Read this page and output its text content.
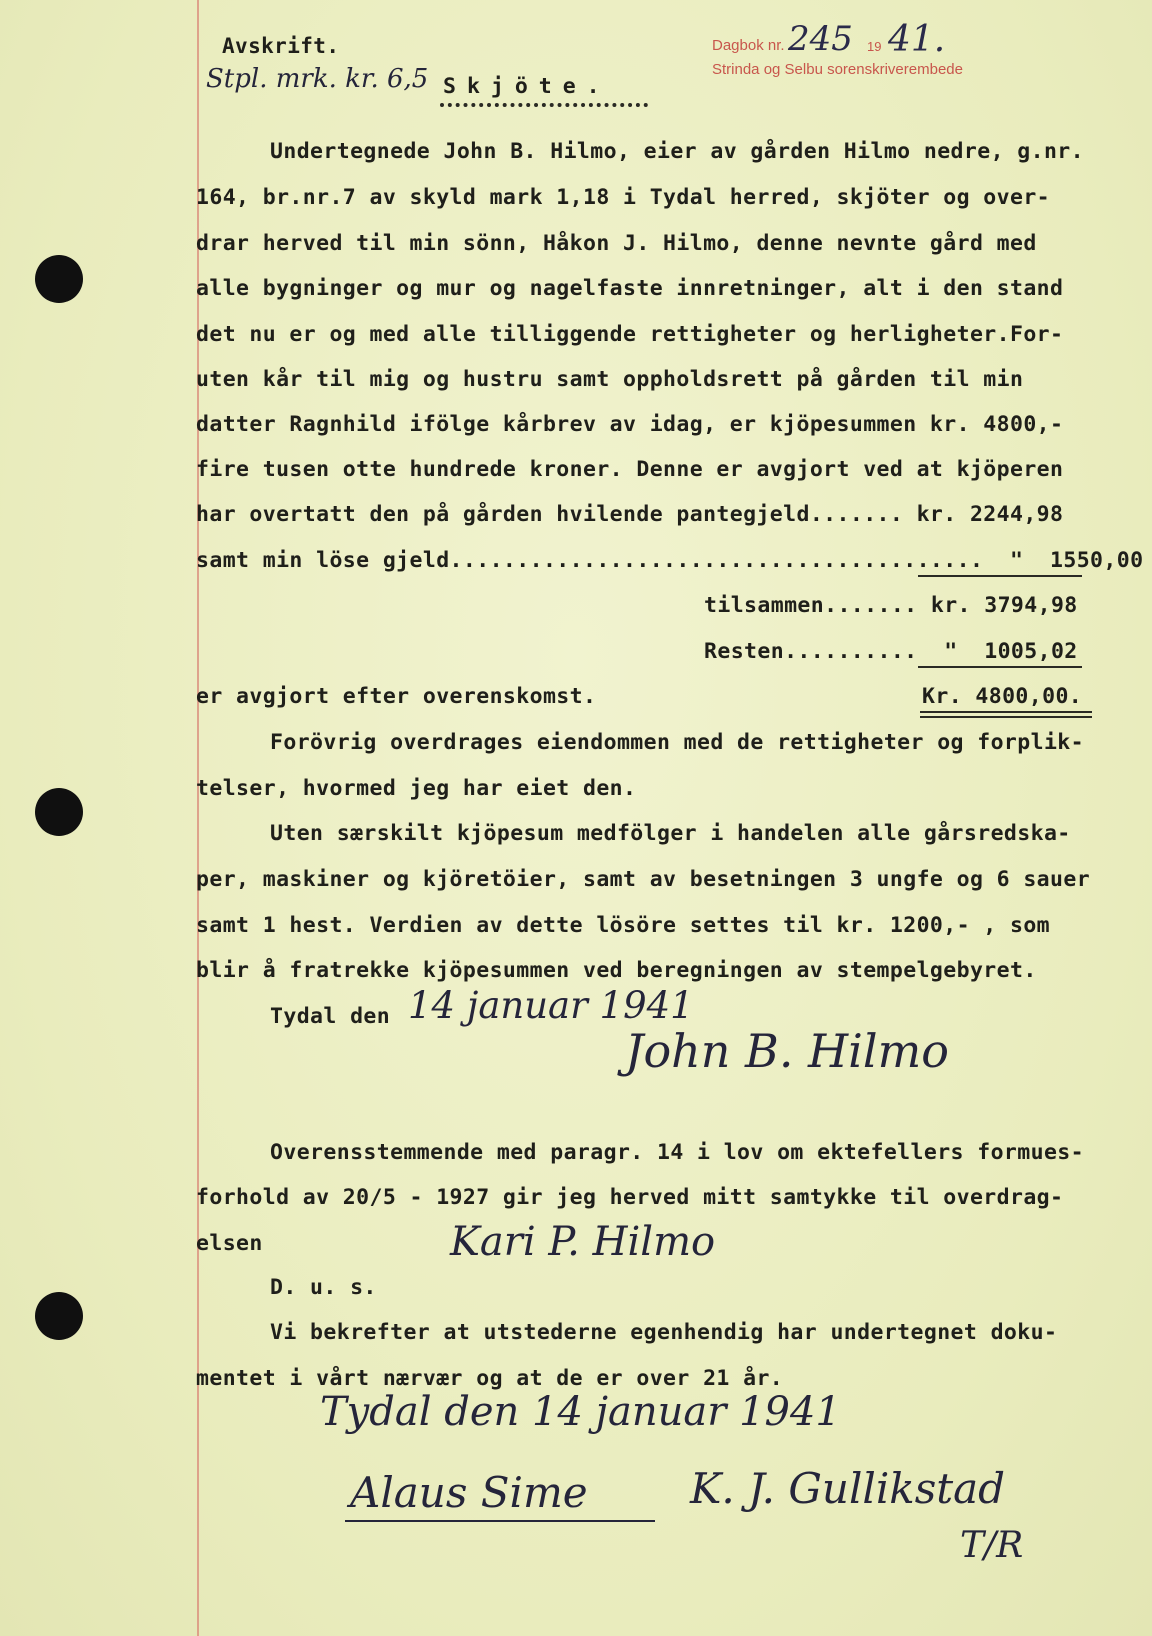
Avskrift.
Stpl. mrk. kr. 6,5 Skjöte.
Dagbok nr. 245 19 41.
Strinda og Selbu sorenskriverembede
Undertegnede John B. Hilmo, eier av gården Hilmo nedre, g.nr.
164, br.nr.7 av skyld mark 1,18 i Tydal herred, skjöter og over-
drar herved til min sönn, Håkon J. Hilmo, denne nevnte gård med
alle bygninger og mur og nagelfaste innretninger, alt i den stand
det nu er og med alle tilliggende rettigheter og herligheter.For-
uten kår til mig og hustru samt oppholdsrett på gården til min
datter Ragnhild ifölge kårbrev av idag, er kjöpesummen kr. 4800,-
fire tusen otte hundrede kroner. Denne er avgjort ved at kjöperen
har overtatt den på gården hvilende pantegjeld....... kr. 2244,98
samt min löse gjeld........................................  "  1550,00
tilsammen....... kr. 3794,98
Resten..........  "  1005,02
er avgjort efter overenskomst.	Kr. 4800,00.
Forövrig overdrages eiendommen med de rettigheter og forplik-
telser, hvormed jeg har eiet den.
Uten særskilt kjöpesum medfölger i handelen alle gårsredska-
per, maskiner og kjöretöier, samt av besetningen 3 ungfe og 6 sauer
samt 1 hest. Verdien av dette lösöre settes til kr. 1200,- , som
blir å fratrekke kjöpesummen ved beregningen av stempelgebyret.
Tydal den 14 januar 1941
John B. Hilmo
Overensstemmende med paragr. 14 i lov om ektefellers formues-
forhold av 20/5 - 1927 gir jeg herved mitt samtykke til overdrag-
elsen	Kari P. Hilmo
D. u. s.
Vi bekrefter at utstederne egenhendig har undertegnet doku-
mentet i vårt nærvær og at de er over 21 år.
Tydal den 14 januar 1941
Alaus Sime K. J. Gullikstad
T/R
